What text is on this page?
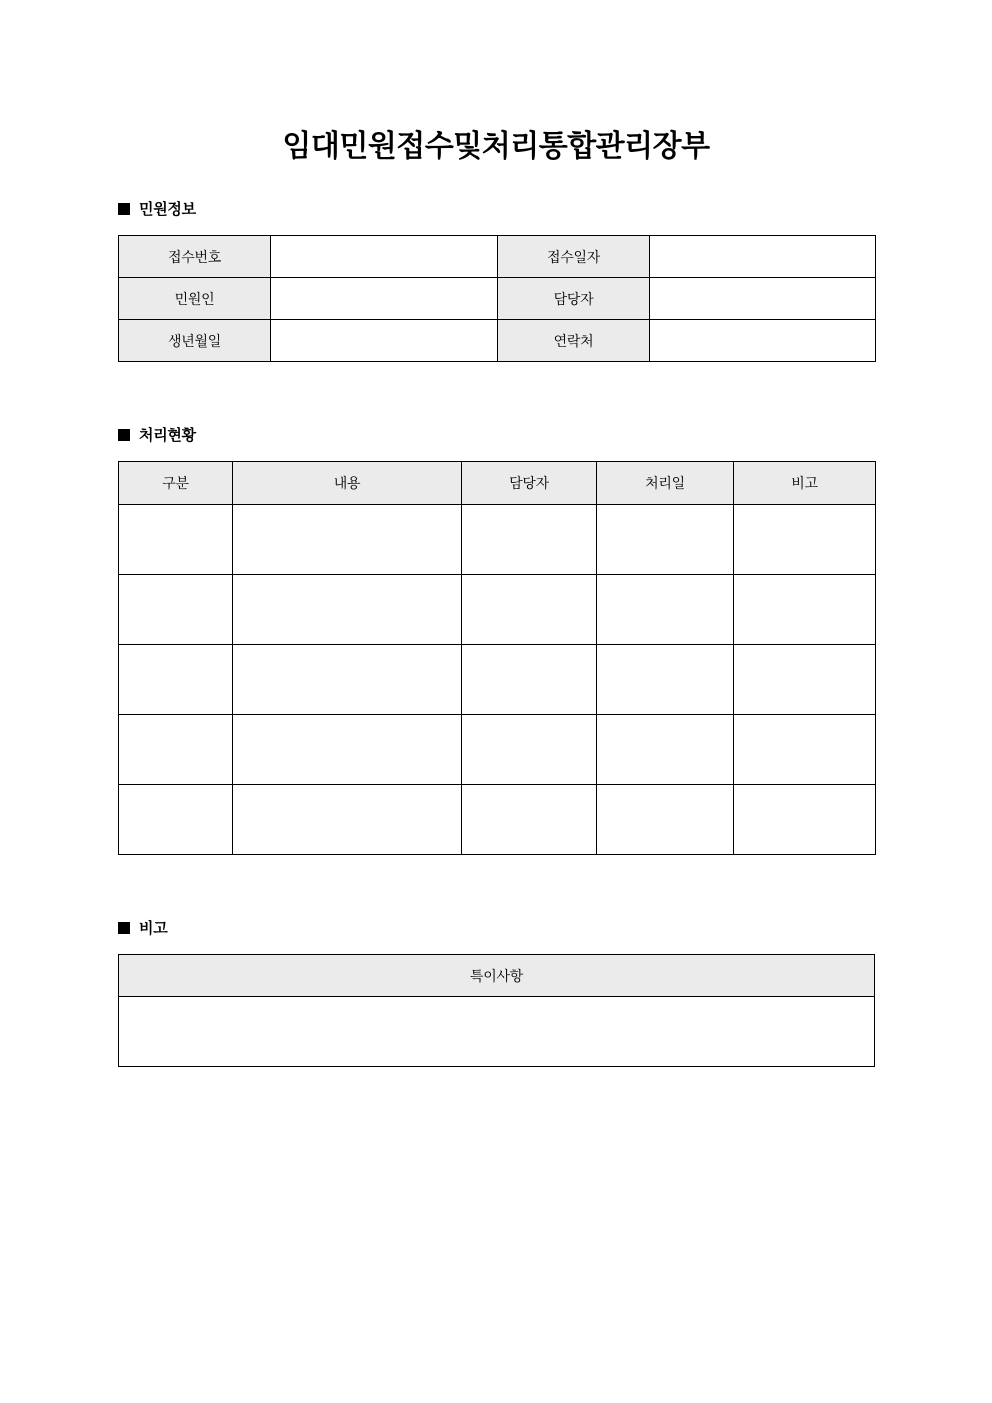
임대민원접수및처리통합관리장부
민원정보
접수번호		접수일자	
민원인		담당자	
생년월일		연락처	
처리현황
구분	내용	담당자	처리일	비고

비고
특이사항
